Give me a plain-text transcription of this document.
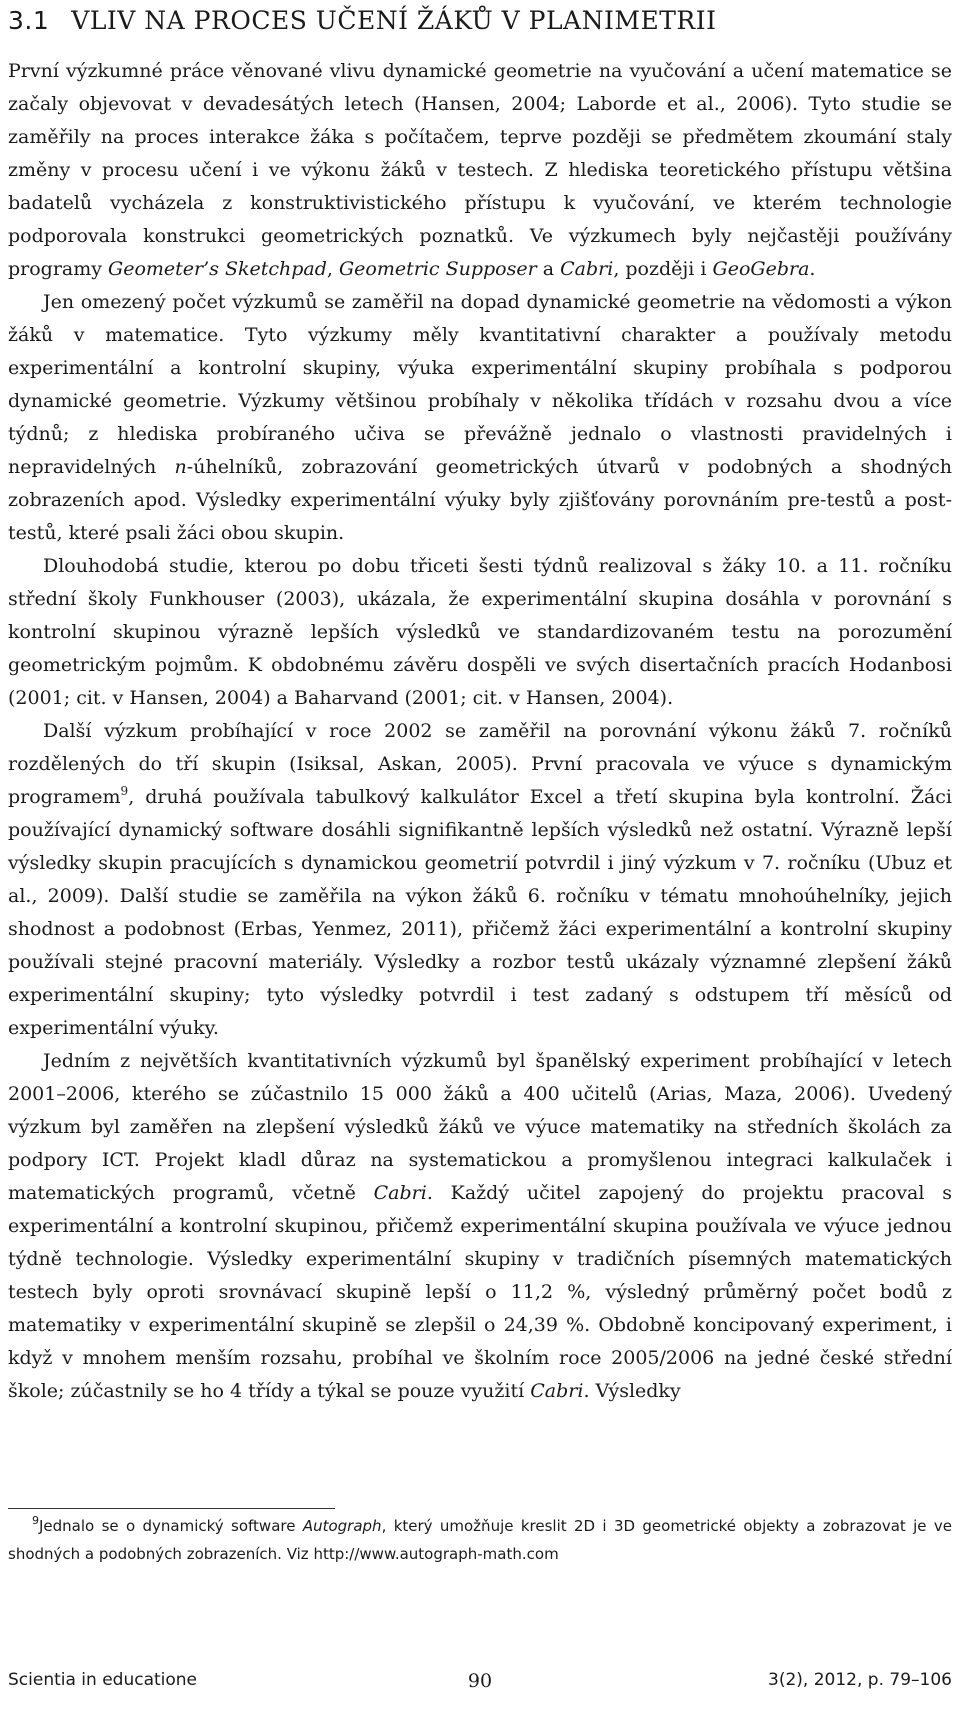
3.1 VLIV NA PROCES UČENÍ ŽÁKŮ V PLANIMETRII

První výzkumné práce věnované vlivu dynamické geometrie na vyučování a učení matematice se začaly objevovat v devadesátých letech (Hansen, 2004; Laborde et al., 2006). Tyto studie se zaměřily na proces interakce žáka s počítačem, teprve později se předmětem zkoumání staly změny v procesu učení i ve výkonu žáků v testech. Z hlediska teoretického přístupu většina badatelů vycházela z konstruktivistického přístupu k vyučování, ve kterém technologie podporovala konstrukci geometrických poznatků. Ve výzkumech byly nejčastěji používány programy Geometer’s Sketchpad, Geometric Supposer a Cabri, později i GeoGebra.

Jen omezený počet výzkumů se zaměřil na dopad dynamické geometrie na vědomosti a výkon žáků v matematice. Tyto výzkumy měly kvantitativní charakter a používaly metodu experimentální a kontrolní skupiny, výuka experimentální skupiny probíhala s podporou dynamické geometrie. Výzkumy většinou probíhaly v několika třídách v rozsahu dvou a více týdnů; z hlediska probíraného učiva se převážně jednalo o vlastnosti pravidelných i nepravidelných n-úhelníků, zobrazování geometrických útvarů v podobných a shodných zobrazeních apod. Výsledky experimentální výuky byly zjišťovány porovnáním pre-testů a post-testů, které psali žáci obou skupin.

Dlouhodobá studie, kterou po dobu třiceti šesti týdnů realizoval s žáky 10. a 11. ročníku střední školy Funkhouser (2003), ukázala, že experimentální skupina dosáhla v porovnání s kontrolní skupinou výrazně lepších výsledků ve standardizovaném testu na porozumění geometrickým pojmům. K obdobnému závěru dospěli ve svých disertačních pracích Hodanbosi (2001; cit. v Hansen, 2004) a Baharvand (2001; cit. v Hansen, 2004).

Další výzkum probíhající v roce 2002 se zaměřil na porovnání výkonu žáků 7. ročníků rozdělených do tří skupin (Isiksal, Askan, 2005). První pracovala ve výuce s dynamickým programem$^9$, druhá používala tabulkový kalkulátor Excel a třetí skupina byla kontrolní. Žáci používající dynamický software dosáhli signifikantně lepších výsledků než ostatní. Výrazně lepší výsledky skupin pracujících s dynamickou geometrií potvrdil i jiný výzkum v 7. ročníku (Ubuz et al., 2009). Další studie se zaměřila na výkon žáků 6. ročníku v tématu mnohoúhelníky, jejich shodnost a podobnost (Erbas, Yenmez, 2011), přičemž žáci experimentální a kontrolní skupiny používali stejné pracovní materiály. Výsledky a rozbor testů ukázaly významné zlepšení žáků experimentální skupiny; tyto výsledky potvrdil i test zadaný s odstupem tří měsíců od experimentální výuky.

Jedním z největších kvantitativních výzkumů byl španělský experiment probíhající v letech 2001–2006, kterého se zúčastnilo 15 000 žáků a 400 učitelů (Arias, Maza, 2006). Uvedený výzkum byl zaměřen na zlepšení výsledků žáků ve výuce matematiky na středních školách za podpory ICT. Projekt kladl důraz na systematickou a promyšlenou integraci kalkulaček i matematických programů, včetně Cabri. Každý učitel zapojený do projektu pracoval s experimentální a kontrolní skupinou, přičemž experimentální skupina používala ve výuce jednou týdně technologie. Výsledky experimentální skupiny v tradičních písemných matematických testech byly oproti srovnávací skupině lepší o 11,2 %, výsledný průměrný počet bodů z matematiky v experimentální skupině se zlepšil o 24,39 %. Obdobně koncipovaný experiment, i když v mnohem menším rozsahu, probíhal ve školním roce 2005/2006 na jedné české střední škole; zúčastnily se ho 4 třídy a týkal se pouze využití Cabri. Výsledky

$^9$Jednalo se o dynamický software Autograph, který umožňuje kreslit 2D i 3D geometrické objekty a zobrazovat je ve shodných a podobných zobrazeních. Viz http://www.autograph-math.com
Scientia in educatione	90	3(2), 2012, p. 79–106
